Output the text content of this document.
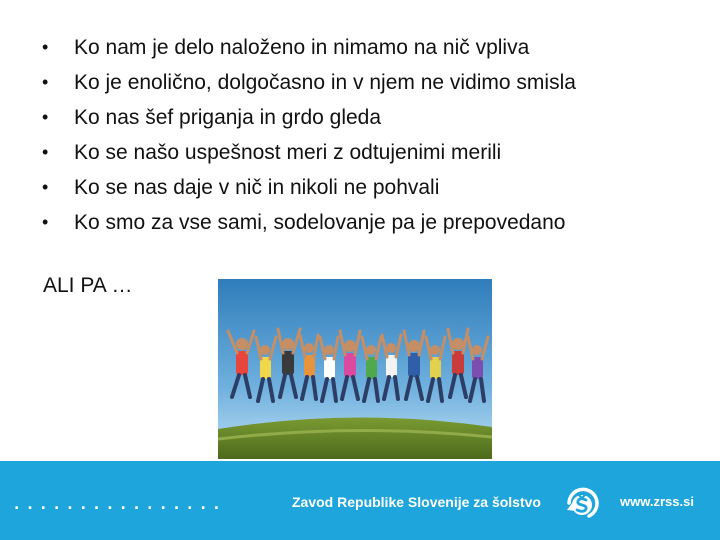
• Ko nam je delo naloženo in nimamo na nič vpliva
• Ko je enolično, dolgočasno in v njem ne vidimo smisla
• Ko nas šef priganja in grdo gleda
• Ko se našo uspešnost meri z odtujenimi merili
• Ko se nas daje v nič in nikoli ne pohvali
• Ko smo za vse sami, sodelovanje pa je prepovedano
ALI PA …
................	Zavod Republike Slovenije za šolstvo	www.zrss.si
